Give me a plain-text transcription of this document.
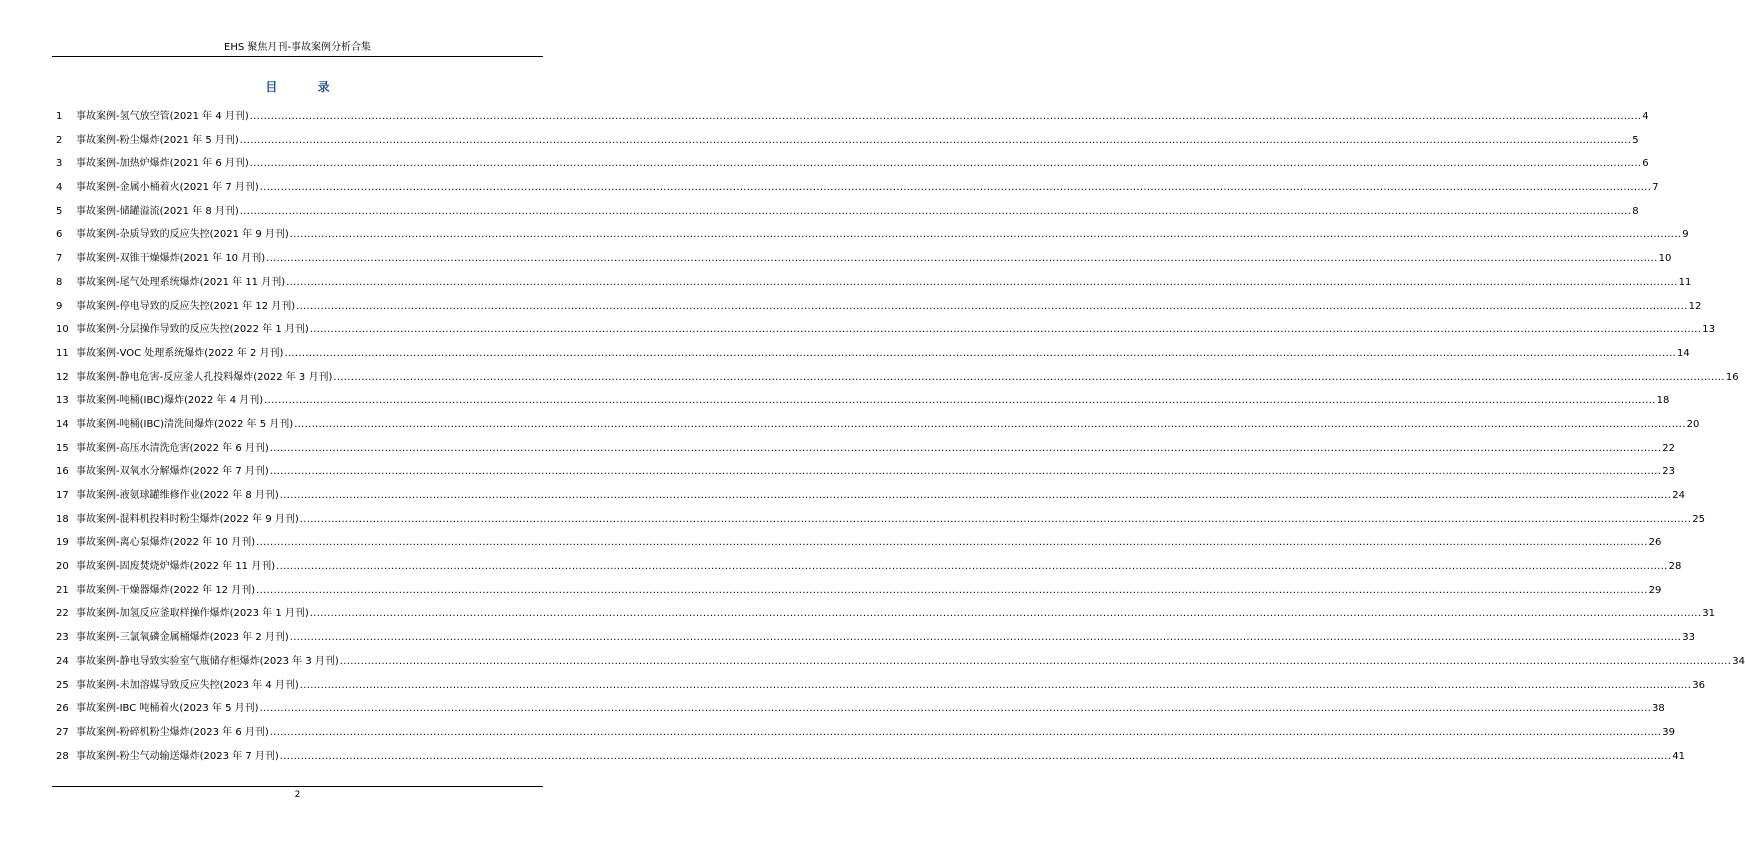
EHS 聚焦月刊-事故案例分析合集
目 录
1	事故案例-氢气放空管(2021 年 4 月刊) ................................................................................................................................................................................................................................................................................................................................................................................................................ 4
2	事故案例-粉尘爆炸(2021 年 5 月刊) ................................................................................................................................................................................................................................................................................................................................................................................................................ 5
3	事故案例-加热炉爆炸(2021 年 6 月刊) ................................................................................................................................................................................................................................................................................................................................................................................................................ 6
4	事故案例-金属小桶着火(2021 年 7 月刊) ................................................................................................................................................................................................................................................................................................................................................................................................................ 7
5	事故案例-储罐溢流(2021 年 8 月刊) ................................................................................................................................................................................................................................................................................................................................................................................................................ 8
6	事故案例-杂质导致的反应失控(2021 年 9 月刊) ................................................................................................................................................................................................................................................................................................................................................................................................................ 9
7	事故案例-双锥干燥爆炸(2021 年 10 月刊) ................................................................................................................................................................................................................................................................................................................................................................................................................ 10
8	事故案例-尾气处理系统爆炸(2021 年 11 月刊) ................................................................................................................................................................................................................................................................................................................................................................................................................ 11
9	事故案例-停电导致的反应失控(2021 年 12 月刊) ................................................................................................................................................................................................................................................................................................................................................................................................................ 12
10 事故案例-分层操作导致的反应失控(2022 年 1 月刊) ................................................................................................................................................................................................................................................................................................................................................................................................................ 13
11 事故案例-VOC 处理系统爆炸(2022 年 2 月刊) ................................................................................................................................................................................................................................................................................................................................................................................................................ 14
12 事故案例-静电危害-反应釜人孔投料爆炸(2022 年 3 月刊) ................................................................................................................................................................................................................................................................................................................................................................................................................ 16
13 事故案例-吨桶(IBC)爆炸(2022 年 4 月刊) ................................................................................................................................................................................................................................................................................................................................................................................................................ 18
14 事故案例-吨桶(IBC)清洗间爆炸(2022 年 5 月刊) ................................................................................................................................................................................................................................................................................................................................................................................................................ 20
15 事故案例-高压水清洗危害(2022 年 6 月刊) ................................................................................................................................................................................................................................................................................................................................................................................................................ 22
16 事故案例-双氧水分解爆炸(2022 年 7 月刊) ................................................................................................................................................................................................................................................................................................................................................................................................................ 23
17 事故案例-液氨球罐维修作业(2022 年 8 月刊) ................................................................................................................................................................................................................................................................................................................................................................................................................ 24
18 事故案例-混料机投料时粉尘爆炸(2022 年 9 月刊) ................................................................................................................................................................................................................................................................................................................................................................................................................ 25
19 事故案例-离心泵爆炸(2022 年 10 月刊) ................................................................................................................................................................................................................................................................................................................................................................................................................ 26
20 事故案例-固废焚烧炉爆炸(2022 年 11 月刊) ................................................................................................................................................................................................................................................................................................................................................................................................................ 28
21 事故案例-干燥器爆炸(2022 年 12 月刊) ................................................................................................................................................................................................................................................................................................................................................................................................................ 29
22 事故案例-加氢反应釜取样操作爆炸(2023 年 1 月刊) ................................................................................................................................................................................................................................................................................................................................................................................................................ 31
23 事故案例-三氯氧磷金属桶爆炸(2023 年 2 月刊) ................................................................................................................................................................................................................................................................................................................................................................................................................ 33
24 事故案例-静电导致实验室气瓶储存柜爆炸(2023 年 3 月刊) ................................................................................................................................................................................................................................................................................................................................................................................................................ 34
25 事故案例-未加溶媒导致反应失控(2023 年 4 月刊) ................................................................................................................................................................................................................................................................................................................................................................................................................ 36
26 事故案例-IBC 吨桶着火(2023 年 5 月刊) ................................................................................................................................................................................................................................................................................................................................................................................................................ 38
27 事故案例-粉碎机粉尘爆炸(2023 年 6 月刊) ................................................................................................................................................................................................................................................................................................................................................................................................................ 39
28 事故案例-粉尘气动输送爆炸(2023 年 7 月刊) ................................................................................................................................................................................................................................................................................................................................................................................................................ 41
2
